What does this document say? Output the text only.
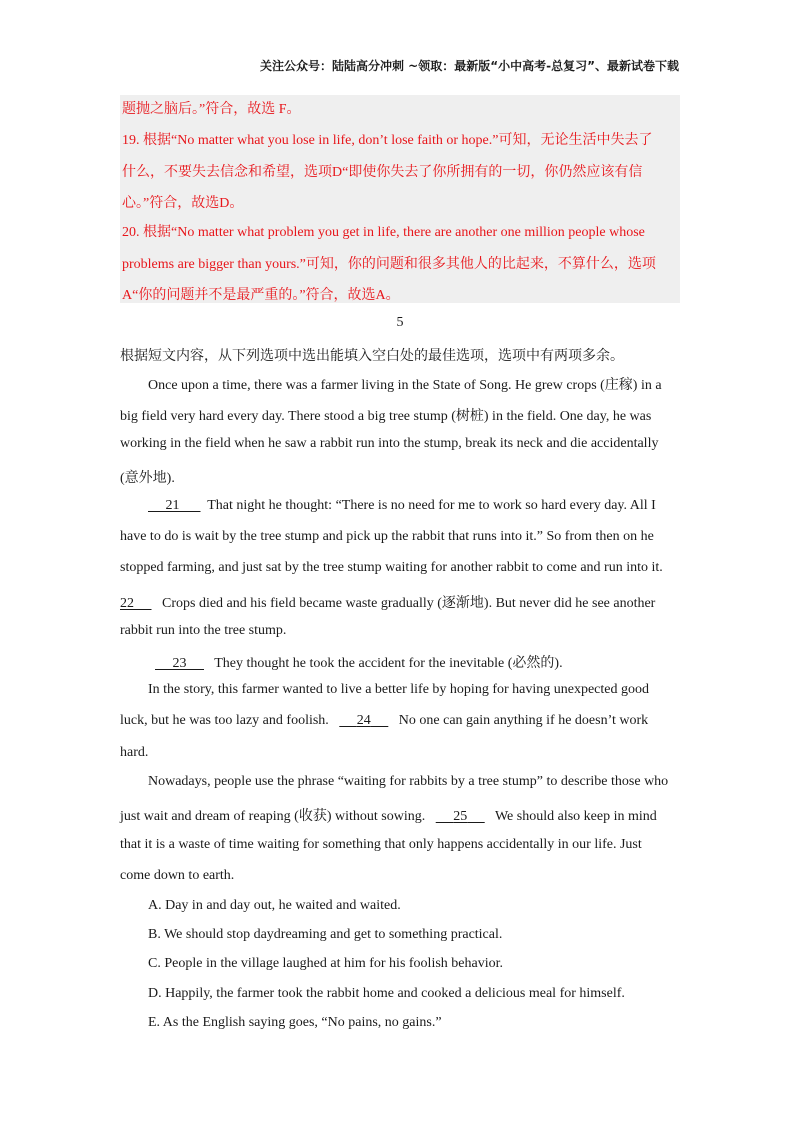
关注公众号：陆陆高分冲刺 ~领取：最新版“小中高考-总复习”、最新试卷下载
题抛之脑后。”符合，故选 F。
19. 根据“No matter what you lose in life, don’t lose faith or hope.”可知，无论生活中失去了
什么，不要失去信念和希望，选项D“即使你失去了你所拥有的一切，你仍然应该有信
心。”符合，故选D。
20. 根据“No matter what problem you get in life, there are another one million people whose
problems are bigger than yours.”可知，你的问题和很多其他人的比起来，不算什么，选项
A“你的问题并不是最严重的。”符合，故选A。
5
根据短文内容，从下列选项中选出能填入空白处的最佳选项，选项中有两项多余。
Once upon a time, there was a farmer living in the State of Song. He grew crops (庄稼) in a
big field very hard every day. There stood a big tree stump (树桩) in the field. One day, he was
working in the field when he saw a rabbit run into the stump, break its neck and die accidentally
(意外地).
21 That night he thought: “There is no need for me to work so hard every day. All I
have to do is wait by the tree stump and pick up the rabbit that runs into it.” So from then on he
stopped farming, and just sat by the tree stump waiting for another rabbit to come and run into it.
22 Crops died and his field became waste gradually (逐渐地). But never did he see another
rabbit run into the tree stump.
23 They thought he took the accident for the inevitable (必然的).
In the story, this farmer wanted to live a better life by hoping for having unexpected good
luck, but he was too lazy and foolish. 24 No one can gain anything if he doesn’t work
hard.
Nowadays, people use the phrase “waiting for rabbits by a tree stump” to describe those who
just wait and dream of reaping (收获) without sowing. 25 We should also keep in mind
that it is a waste of time waiting for something that only happens accidentally in our life. Just
come down to earth.
A. Day in and day out, he waited and waited.
B. We should stop daydreaming and get to something practical.
C. People in the village laughed at him for his foolish behavior.
D. Happily, the farmer took the rabbit home and cooked a delicious meal for himself.
E. As the English saying goes, “No pains, no gains.”
